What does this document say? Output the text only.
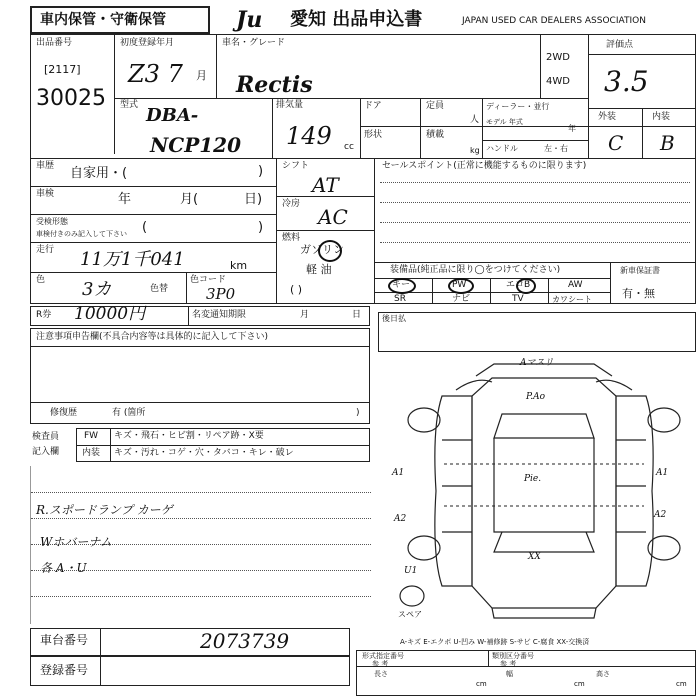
車内保管・守衛保管	Ju 愛知 出品申込書	JAPAN USED CAR DEALERS ASSOCIATION
出品番号
[2117]
30025
初度登録年月
Z3 7 月
車名・グレード
Rectis
2WD
4WD
評価点
3.5
外装	内装
C B
型式 DBA-
NCP120
排気量
149 cc
ドア
形状
定員
人
積載
kg
ディーラー・並行
モデル 年式
年
ハンドル	左・右
車歴 自家用・(	)
車検	年	月(	日)
受検形態
車検付きのみ記入して下さい (	)
走行 11万1千041	km
色 3カ	色替
色コード
3P0
シフト
AT
冷房
AC
燃料
ガソリン
軽 油
( )
セールスポイント(正常に機能するものに限ります)
装備品(純正品に限り◯をつけてください)
キー	PW	エコB	AW
SR	ナビ	TV	カワシート
新車保証書
有・無
R券 10000円	名変通知期限	月	日	後日払
注意事項申告欄(不具合内容等は具体的に記入して下さい)
修復歴	有 (箇所	)
検査員
記入欄
FW キズ・飛石・ヒビ割・リペア跡・X要
内装 キズ・汚れ・コゲ・穴・タバコ・キレ・破レ
R.スポードランプ カーゲ
Wホバーナム
各 A・U
Aマスリ
P.Ao
Pie.
A1	A1
A2	A2
XX
U1
スペア
A-キズ E-エクボ U-凹み W-補修跡 S-サビ C-腐食 XX-交換済
車台番号	2073739
登録番号
形式指定番号
参 考
類別区分番号
参 考
長さ
cm
幅
cm
高さ
cm
